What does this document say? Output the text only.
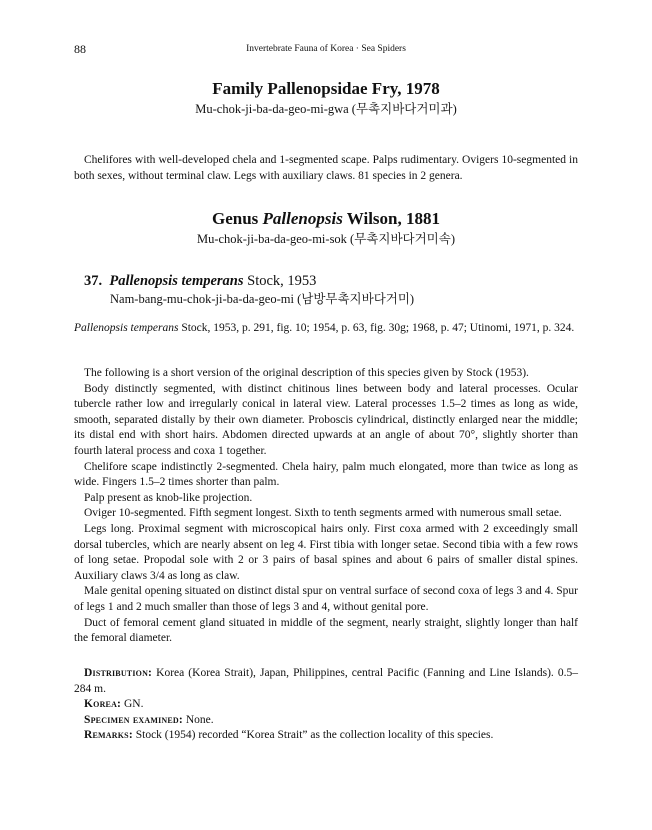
88	Invertebrate Fauna of Korea · Sea Spiders
Family Pallenopsidae Fry, 1978
Mu-chok-ji-ba-da-geo-mi-gwa (무촉지바다거미과)
Chelifores with well-developed chela and 1-segmented scape. Palps rudimentary. Ovigers 10-segmented in both sexes, without terminal claw. Legs with auxiliary claws. 81 species in 2 genera.
Genus Pallenopsis Wilson, 1881
Mu-chok-ji-ba-da-geo-mi-sok (무촉지바다거미속)
37. Pallenopsis temperans Stock, 1953
Nam-bang-mu-chok-ji-ba-da-geo-mi (남방무촉지바다거미)
Pallenopsis temperans Stock, 1953, p. 291, fig. 10; 1954, p. 63, fig. 30g; 1968, p. 47; Utinomi, 1971, p. 324.

The following is a short version of the original description of this species given by Stock (1953).

Body distinctly segmented, with distinct chitinous lines between body and lateral processes. Ocular tubercle rather low and irregularly conical in lateral view. Lateral processes 1.5–2 times as long as wide, smooth, separated distally by their own diameter. Proboscis cylindrical, distinctly enlarged near the middle; its distal end with short hairs. Abdomen directed upwards at an angle of about 70°, slightly shorter than fourth lateral process and coxa 1 together.

Chelifore scape indistinctly 2-segmented. Chela hairy, palm much elongated, more than twice as long as wide. Fingers 1.5–2 times shorter than palm.

Palp present as knob-like projection.

Oviger 10-segmented. Fifth segment longest. Sixth to tenth segments armed with numerous small setae.

Legs long. Proximal segment with microscopical hairs only. First coxa armed with 2 exceedingly small dorsal tubercles, which are nearly absent on leg 4. First tibia with longer setae. Second tibia with a few rows of long setae. Propodal sole with 2 or 3 pairs of basal spines and about 6 pairs of smaller distal spines. Auxiliary claws 3/4 as long as claw.

Male genital opening situated on distinct distal spur on ventral surface of second coxa of legs 3 and 4. Spur of legs 1 and 2 much smaller than those of legs 3 and 4, without genital pore.

Duct of femoral cement gland situated in middle of the segment, nearly straight, slightly longer than half the femoral diameter.

Distribution: Korea (Korea Strait), Japan, Philippines, central Pacific (Fanning and Line Islands). 0.5–284 m.

Korea: GN.

Specimen examined: None.

Remarks: Stock (1954) recorded “Korea Strait” as the collection locality of this species.
